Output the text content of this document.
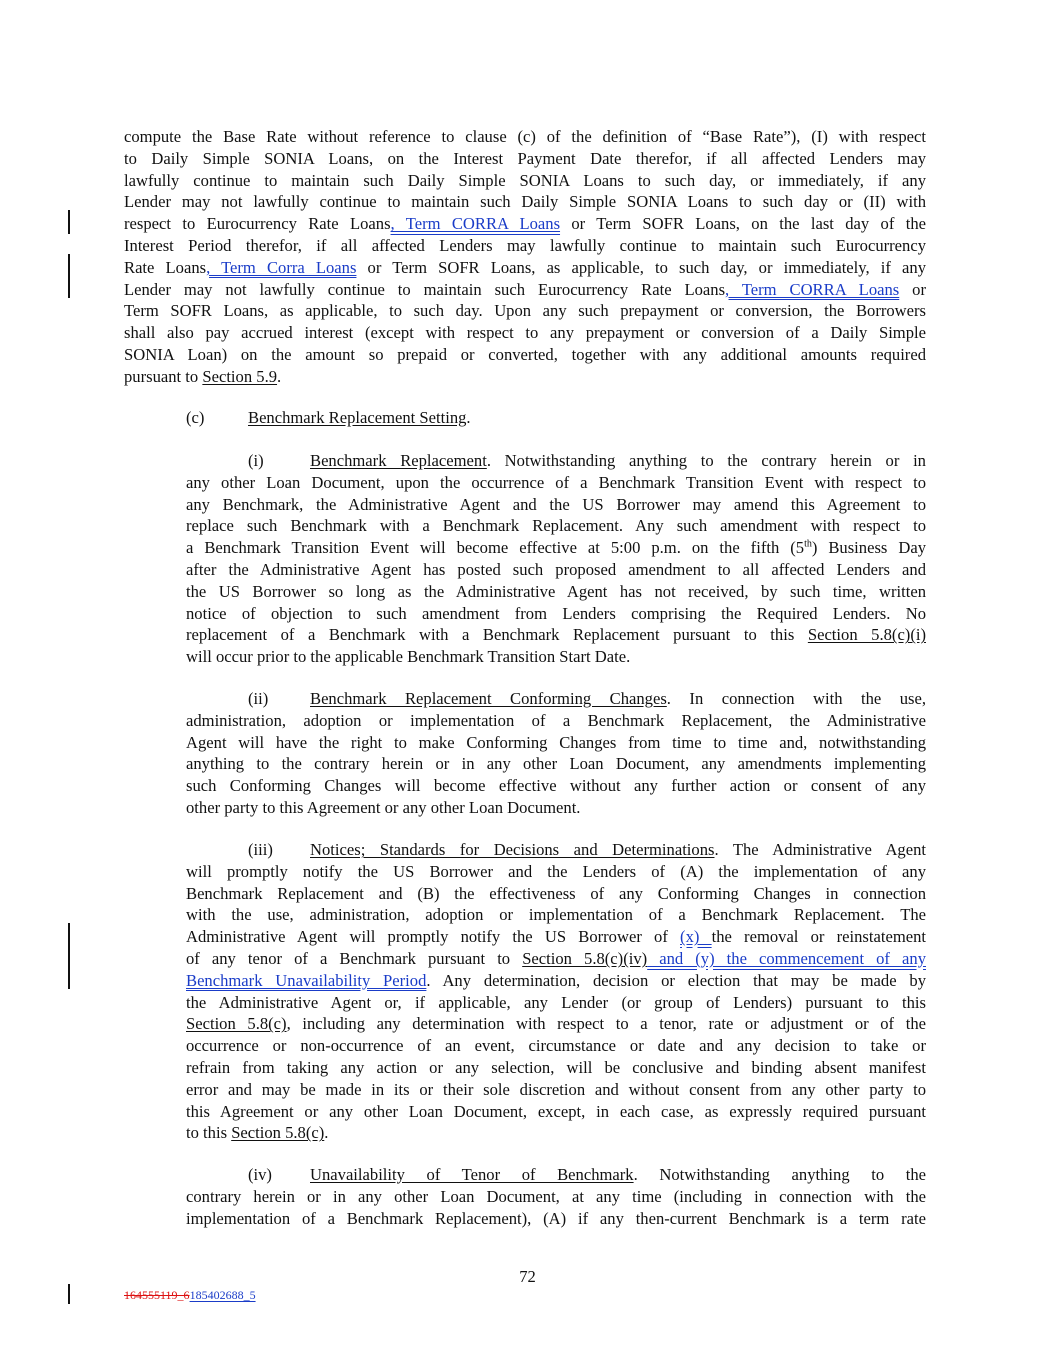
compute the Base Rate without reference to clause (c) of the definition of “Base Rate”), (I) with respect
to Daily Simple SONIA Loans, on the Interest Payment Date therefor, if all affected Lenders may
lawfully continue to maintain such Daily Simple SONIA Loans to such day, or immediately, if any
Lender may not lawfully continue to maintain such Daily Simple SONIA Loans to such day or (II) with
respect to Eurocurrency Rate Loans, Term CORRA Loans or Term SOFR Loans, on the last day of the
Interest Period therefor, if all affected Lenders may lawfully continue to maintain such Eurocurrency
Rate Loans, Term Corra Loans or Term SOFR Loans, as applicable, to such day, or immediately, if any
Lender may not lawfully continue to maintain such Eurocurrency Rate Loans, Term CORRA Loans or
Term SOFR Loans, as applicable, to such day. Upon any such prepayment or conversion, the Borrowers
shall also pay accrued interest (except with respect to any prepayment or conversion of a Daily Simple
SONIA Loan) on the amount so prepaid or converted, together with any additional amounts required
pursuant to Section 5.9.
(c)	Benchmark Replacement Setting.
(i)	Benchmark Replacement. Notwithstanding anything to the contrary herein or in
any other Loan Document, upon the occurrence of a Benchmark Transition Event with respect to
any Benchmark, the Administrative Agent and the US Borrower may amend this Agreement to
replace such Benchmark with a Benchmark Replacement. Any such amendment with respect to
a Benchmark Transition Event will become effective at 5:00 p.m. on the fifth (5th) Business Day
after the Administrative Agent has posted such proposed amendment to all affected Lenders and
the US Borrower so long as the Administrative Agent has not received, by such time, written
notice of objection to such amendment from Lenders comprising the Required Lenders. No
replacement of a Benchmark with a Benchmark Replacement pursuant to this Section 5.8(c)(i)
will occur prior to the applicable Benchmark Transition Start Date.
(ii)	Benchmark Replacement Conforming Changes. In connection with the use,
administration, adoption or implementation of a Benchmark Replacement, the Administrative
Agent will have the right to make Conforming Changes from time to time and, notwithstanding
anything to the contrary herein or in any other Loan Document, any amendments implementing
such Conforming Changes will become effective without any further action or consent of any
other party to this Agreement or any other Loan Document.
(iii) Notices; Standards for Decisions and Determinations. The Administrative Agent
will promptly notify the US Borrower and the Lenders of (A) the implementation of any
Benchmark Replacement and (B) the effectiveness of any Conforming Changes in connection
with the use, administration, adoption or implementation of a Benchmark Replacement. The
Administrative Agent will promptly notify the US Borrower of (x) the removal or reinstatement
of any tenor of a Benchmark pursuant to Section 5.8(c)(iv) and (y) the commencement of any
Benchmark Unavailability Period. Any determination, decision or election that may be made by
the Administrative Agent or, if applicable, any Lender (or group of Lenders) pursuant to this
Section 5.8(c), including any determination with respect to a tenor, rate or adjustment or of the
occurrence or non-occurrence of an event, circumstance or date and any decision to take or
refrain from taking any action or any selection, will be conclusive and binding absent manifest
error and may be made in its or their sole discretion and without consent from any other party to
this Agreement or any other Loan Document, except, in each case, as expressly required pursuant
to this Section 5.8(c).
(iv) Unavailability of Tenor of Benchmark. Notwithstanding anything to the
contrary herein or in any other Loan Document, at any time (including in connection with the
implementation of a Benchmark Replacement), (A) if any then-current Benchmark is a term rate
72
164555119_6185402688_5
